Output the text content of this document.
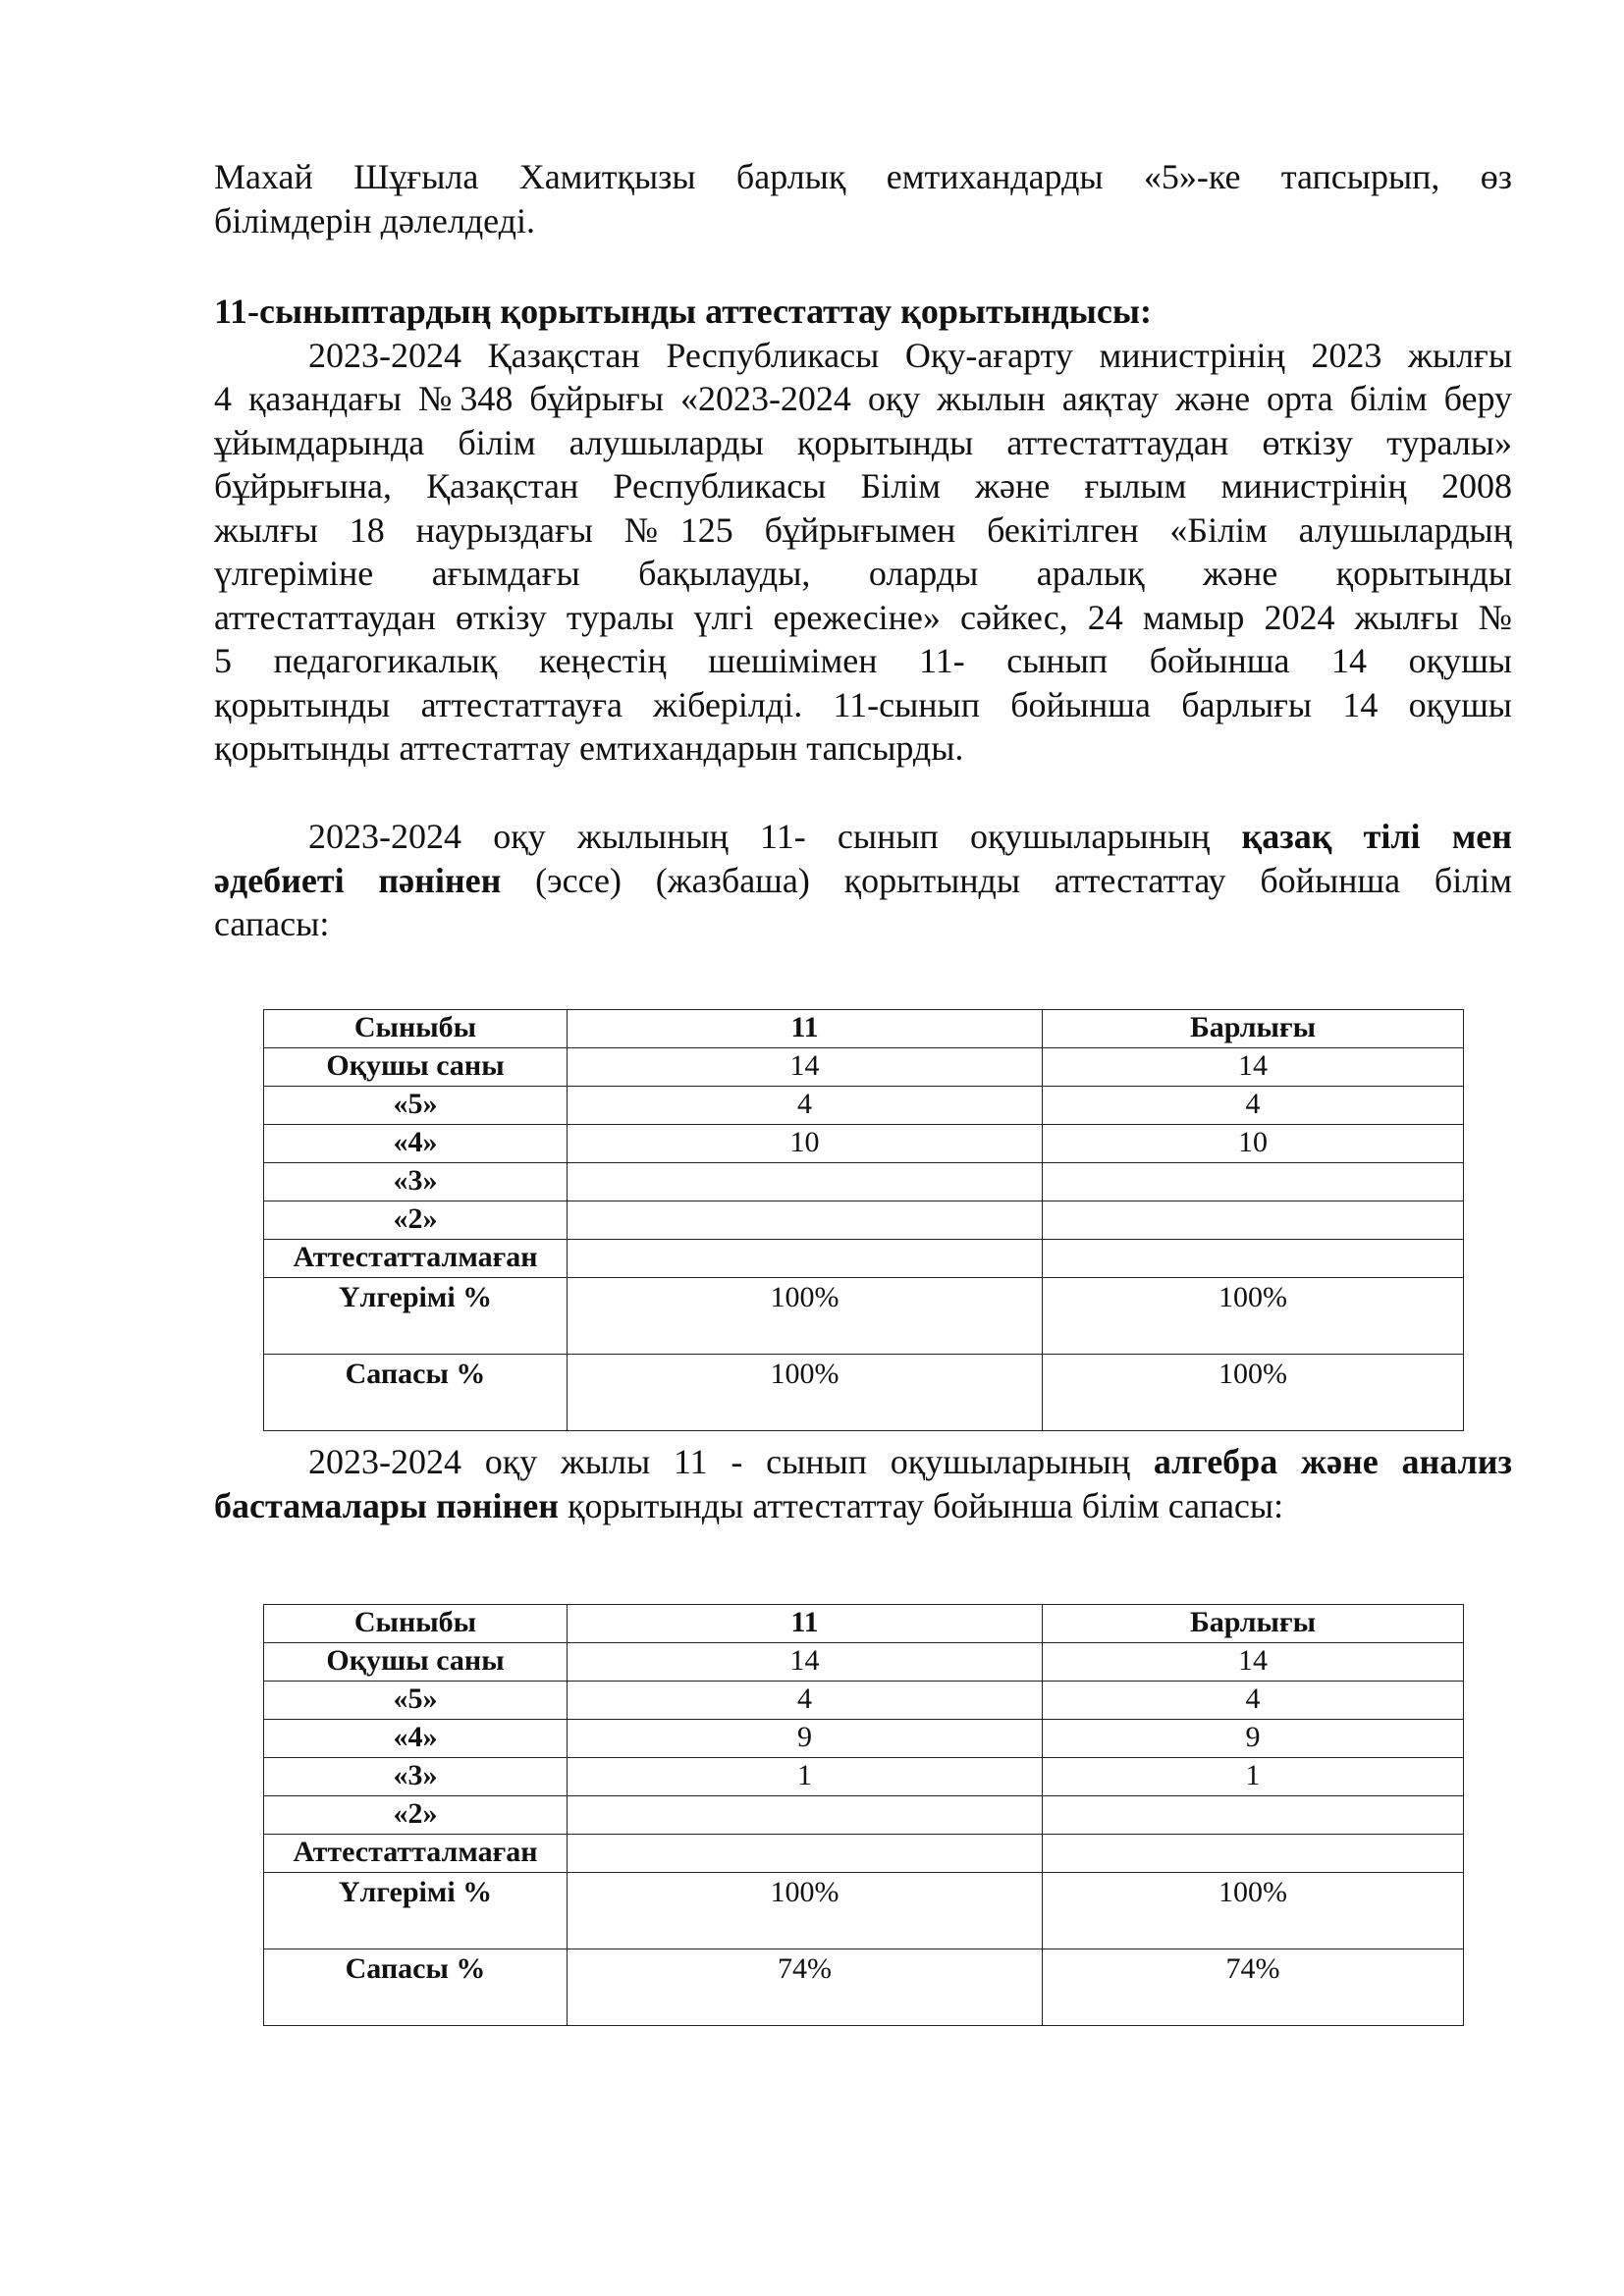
Махай Шұғыла Хамитқызы барлық емтихандарды «5»-ке тапсырып, өз
білімдерін дәлелдеді.
11-сыныптардың қорытынды аттестаттау қорытындысы:
2023-2024 Қазақстан Республикасы Оқу-ағарту министрінің 2023 жылғы
4 қазандағы №348 бұйрығы «2023-2024 оқу жылын аяқтау және орта білім беру
ұйымдарында білім алушыларды қорытынды аттестаттаудан өткізу туралы»
бұйрығына, Қазақстан Республикасы Білім және ғылым министрінің 2008
жылғы 18 наурыздағы №125 бұйрығымен бекітілген «Білім алушылардың
үлгеріміне ағымдағы бақылауды, оларды аралық және қорытынды
аттестаттаудан өткізу туралы үлгі ережесіне» сәйкес, 24 мамыр 2024 жылғы №
5 педагогикалық кеңестің шешімімен 11- сынып бойынша 14 оқушы
қорытынды аттестаттауға жіберілді. 11-сынып бойынша барлығы 14 оқушы
қорытынды аттестаттау емтихандарын тапсырды.
2023-2024 оқу жылының 11- сынып оқушыларының қазақ тілі мен
әдебиеті пәнінен (эссе) (жазбаша) қорытынды аттестаттау бойынша білім
сапасы:
Сыныбы	11	Барлығы
Оқушы саны	14	14
«5»	4	4
«4»	10	10
«3»		
«2»		
Аттестатталмаған		
Үлгерімі %	100%	100%
Сапасы %	100%	100%
2023-2024 оқу жылы 11 - сынып оқушыларының алгебра және анализ
бастамалары пәнінен қорытынды аттестаттау бойынша білім сапасы:
Сыныбы	11	Барлығы
Оқушы саны	14	14
«5»	4	4
«4»	9	9
«3»	1	1
«2»		
Аттестатталмаған		
Үлгерімі %	100%	100%
Сапасы %	74%	74%
